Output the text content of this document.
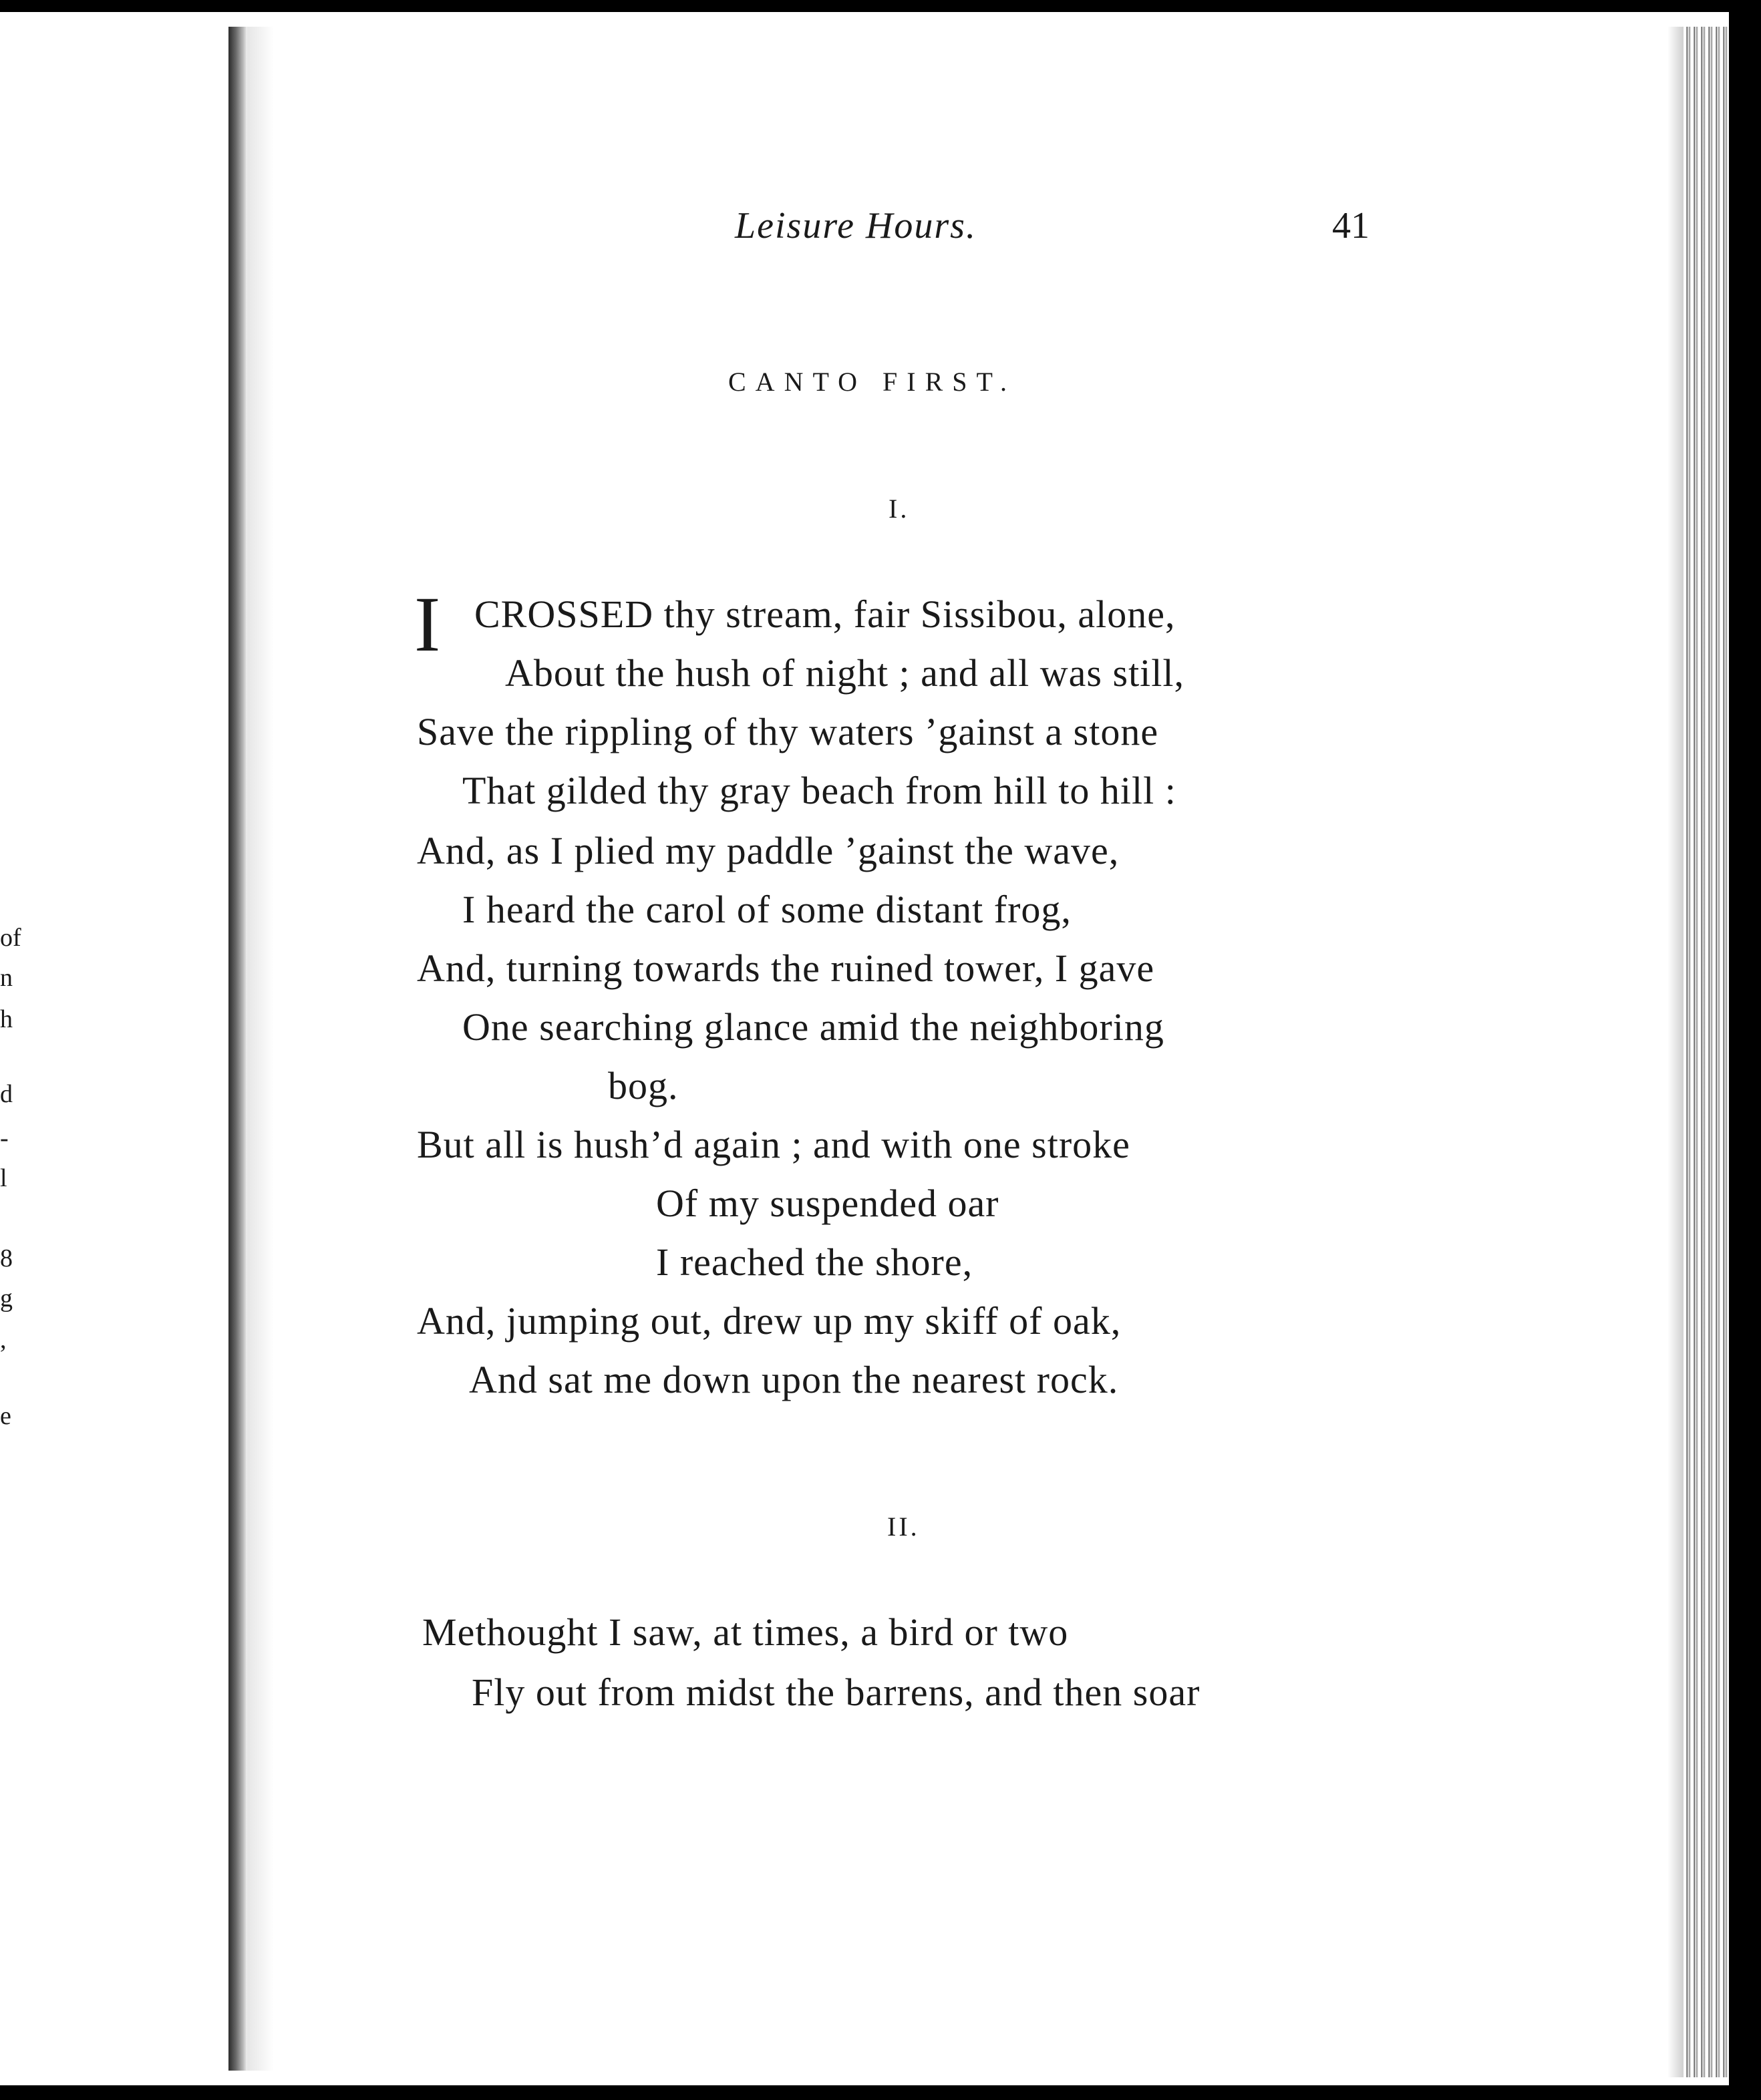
of
n
h
d
-
l
8
g
,
e
Leisure Hours.	41
CANTO FIRST.
I.
I CROSSED thy stream, fair Sissibou, alone,
About the hush of night ; and all was still,
Save the rippling of thy waters ’gainst a stone
That gilded thy gray beach from hill to hill :
And, as I plied my paddle ’gainst the wave,
I heard the carol of some distant frog,
And, turning towards the ruined tower, I gave
One searching glance amid the neighboring
bog.
But all is hush’d again ; and with one stroke
Of my suspended oar
I reached the shore,
And, jumping out, drew up my skiff of oak,
And sat me down upon the nearest rock.
II.
Methought I saw, at times, a bird or two
Fly out from midst the barrens, and then soar
